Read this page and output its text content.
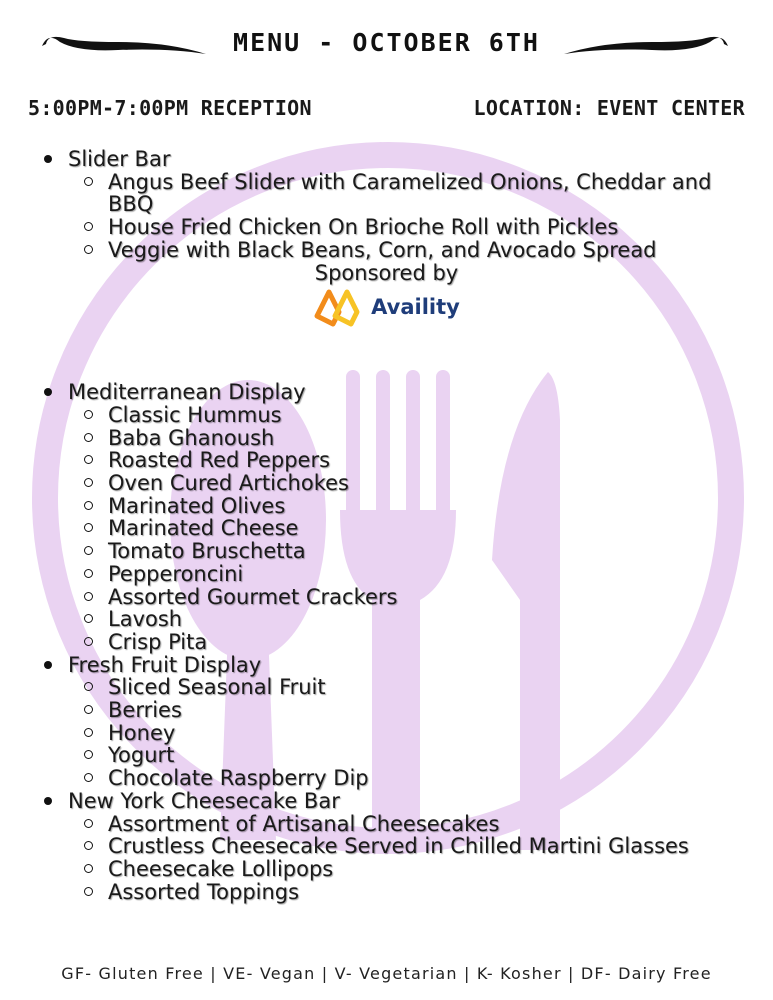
MENU - OCTOBER 6TH
5:00PM-7:00PM RECEPTION	LOCATION: EVENT CENTER
Slider Bar
Angus Beef Slider with Caramelized Onions, Cheddar and BBQ
House Fried Chicken On Brioche Roll with Pickles
Veggie with Black Beans, Corn, and Avocado Spread
Sponsored by
Availity
Mediterranean Display
Classic Hummus
Baba Ghanoush
Roasted Red Peppers
Oven Cured Artichokes
Marinated Olives
Marinated Cheese
Tomato Bruschetta
Pepperoncini
Assorted Gourmet Crackers
Lavosh
Crisp Pita
Fresh Fruit Display
Sliced Seasonal Fruit
Berries
Honey
Yogurt
Chocolate Raspberry Dip
New York Cheesecake Bar
Assortment of Artisanal Cheesecakes
Crustless Cheesecake Served in Chilled Martini Glasses
Cheesecake Lollipops
Assorted Toppings
GF- Gluten Free | VE- Vegan | V- Vegetarian | K- Kosher | DF- Dairy Free
